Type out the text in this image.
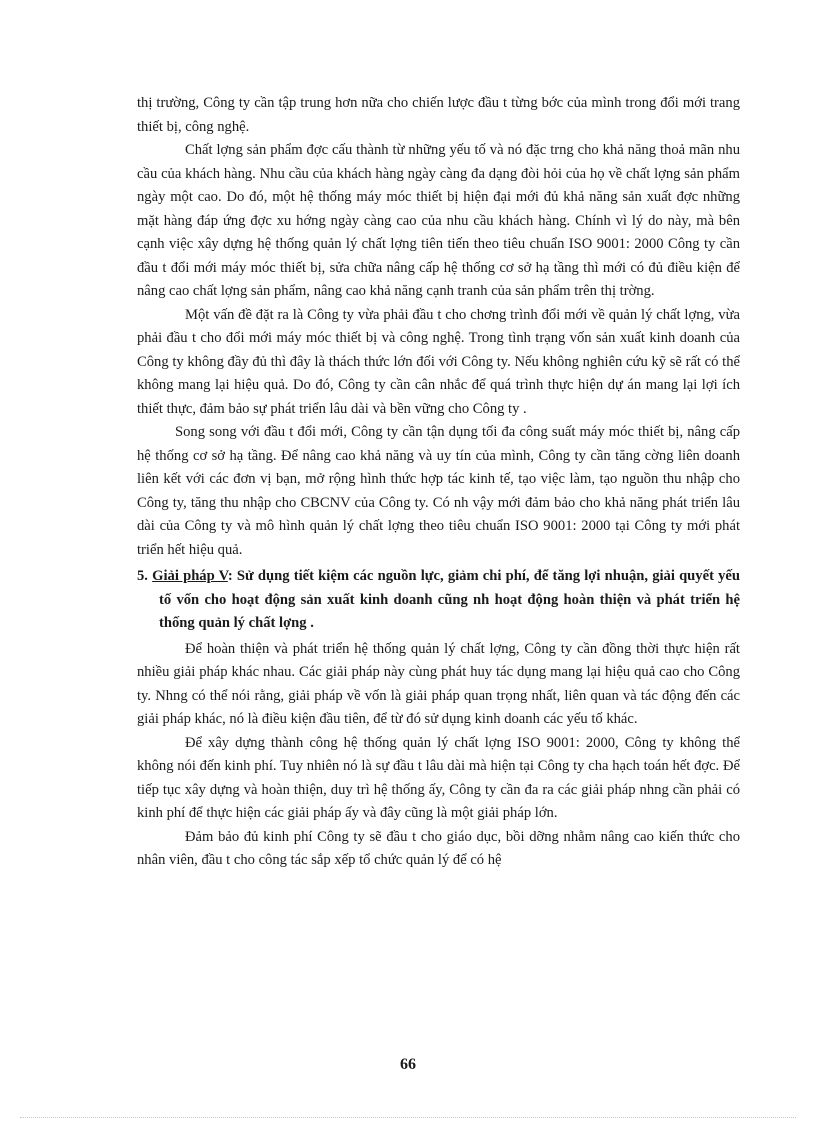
thị trường, Công ty cần tập trung hơn nữa cho chiến lược đầu t từng bớc của mình trong đổi mới trang thiết bị, công nghệ.

Chất lợng sản phẩm đợc cấu thành từ những yếu tố và nó đặc trng cho khả năng thoả mãn nhu cầu của khách hàng. Nhu cầu của khách hàng ngày càng đa dạng đòi hỏi của họ về chất lợng sản phẩm ngày một cao. Do đó, một hệ thống máy móc thiết bị hiện đại mới đủ khả năng sản xuất đợc những mặt hàng đáp ứng đợc xu hớng ngày càng cao của nhu cầu khách hàng. Chính vì lý do này, mà bên cạnh việc xây dựng hệ thống quản lý chất lợng tiên tiến theo tiêu chuẩn ISO 9001: 2000 Công ty cần đầu t đổi mới máy móc thiết bị, sửa chữa nâng cấp hệ thống cơ sở hạ tầng thì mới có đủ điều kiện để nâng cao chất lợng sản phẩm, nâng cao khả năng cạnh tranh của sản phẩm trên thị trờng.

Một vấn đề đặt ra là Công ty vừa phải đầu t cho chơng trình đổi mới về quản lý chất lợng, vừa phải đầu t cho đổi mới máy móc thiết bị và công nghệ. Trong tình trạng vốn sản xuất kinh doanh của Công ty không đầy đủ thì đây là thách thức lớn đối với Công ty. Nếu không nghiên cứu kỹ sẽ rất có thể không mang lại hiệu quả. Do đó, Công ty cần cân nhắc để quá trình thực hiện dự án mang lại lợi ích thiết thực, đảm bảo sự phát triển lâu dài và bền vững cho Công ty .

Song song với đầu t đổi mới, Công ty cần tận dụng tối đa công suất máy móc thiết bị, nâng cấp hệ thống cơ sở hạ tầng. Để nâng cao khả năng và uy tín của mình, Công ty cần tăng cờng liên doanh liên kết với các đơn vị bạn, mở rộng hình thức hợp tác kinh tế, tạo việc làm, tạo nguồn thu nhập cho Công ty, tăng thu nhập cho CBCNV của Công ty. Có nh vậy mới đảm bảo cho khả năng phát triển lâu dài của Công ty và mô hình quản lý chất lợng theo tiêu chuẩn ISO 9001: 2000 tại Công ty mới phát triển hết hiệu quả.

5. Giải pháp V: Sử dụng tiết kiệm các nguồn lực, giảm chi phí, để tăng lợi nhuận, giải quyết yếu tố vốn cho hoạt động sản xuất kinh doanh cũng nh hoạt động hoàn thiện và phát triển hệ thống quản lý chất lợng .

Để hoàn thiện và phát triển hệ thống quản lý chất lợng, Công ty cần đồng thời thực hiện rất nhiều giải pháp khác nhau. Các giải pháp này cùng phát huy tác dụng mang lại hiệu quả cao cho Công ty. Nhng có thể nói rằng, giải pháp về vốn là giải pháp quan trọng nhất, liên quan và tác động đến các giải pháp khác, nó là điều kiện đầu tiên, để từ đó sử dụng kinh doanh các yếu tố khác.

Để xây dựng thành công hệ thống quản lý chất lợng ISO 9001: 2000, Công ty không thể không nói đến kinh phí. Tuy nhiên nó là sự đầu t lâu dài mà hiện tại Công ty cha hạch toán hết đợc. Để tiếp tục xây dựng và hoàn thiện, duy trì hệ thống ấy, Công ty cần đa ra các giải pháp nhng cần phải có kinh phí để thực hiện các giải pháp ấy và đây cũng là một giải pháp lớn.

Đảm bảo đủ kinh phí Công ty sẽ đầu t cho giáo dục, bồi dỡng nhằm nâng cao kiến thức cho nhân viên, đầu t cho công tác sắp xếp tổ chức quản lý để có hệ

66
